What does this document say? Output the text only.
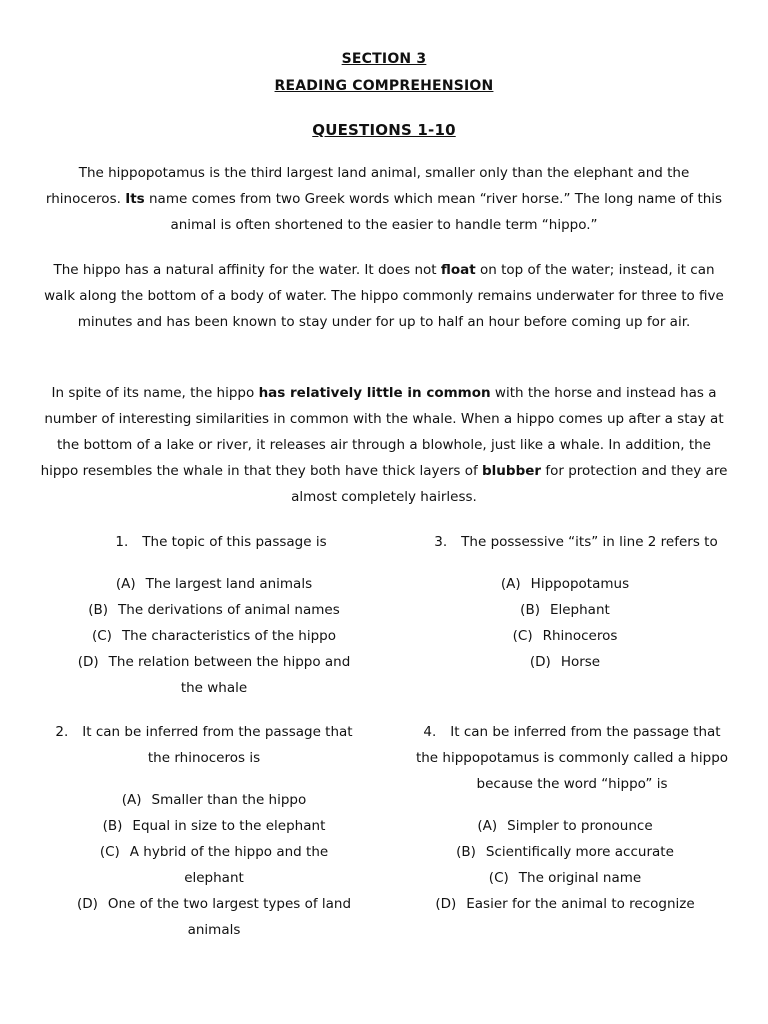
SECTION 3
READING COMPREHENSION
QUESTIONS 1-10

The hippopotamus is the third largest land animal, smaller only than the elephant and the rhinoceros. Its name comes from two Greek words which mean “river horse.” The long name of this animal is often shortened to the easier to handle term “hippo.”

The hippo has a natural affinity for the water. It does not float on top of the water; instead, it can walk along the bottom of a body of water. The hippo commonly remains underwater for three to five minutes and has been known to stay under for up to half an hour before coming up for air.

In spite of its name, the hippo has relatively little in common with the horse and instead has a number of interesting similarities in common with the whale. When a hippo comes up after a stay at the bottom of a lake or river, it releases air through a blowhole, just like a whale. In addition, the hippo resembles the whale in that they both have thick layers of blubber for protection and they are almost completely hairless.

1. The topic of this passage is
(A) The largest land animals
(B) The derivations of animal names
(C) The characteristics of the hippo
(D) The relation between the hippo and the whale
3. The possessive “its” in line 2 refers to
(A) Hippopotamus
(B) Elephant
(C) Rhinoceros
(D) Horse
2. It can be inferred from the passage that the rhinoceros is
(A) Smaller than the hippo
(B) Equal in size to the elephant
(C) A hybrid of the hippo and the elephant
(D) One of the two largest types of land animals
4. It can be inferred from the passage that the hippopotamus is commonly called a hippo because the word “hippo” is
(A) Simpler to pronounce
(B) Scientifically more accurate
(C) The original name
(D) Easier for the animal to recognize
